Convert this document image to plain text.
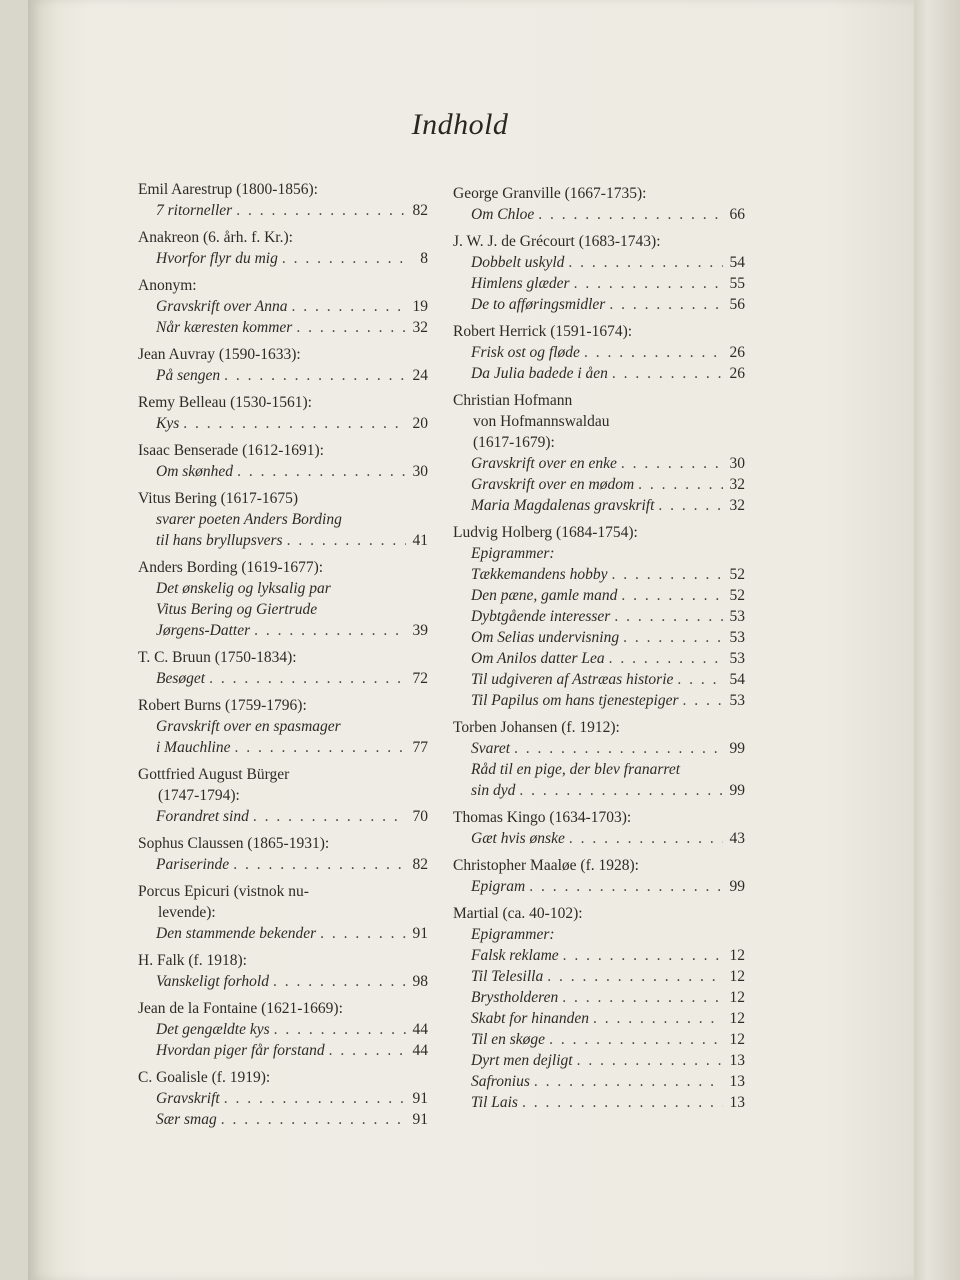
Indhold
Emil Aarestrup (1800-1856):
7 ritorneller . . .	82
Anakreon (6. årh. f. Kr.):
Hvorfor flyr du mig . . .	8
Anonym:
Gravskrift over Anna . . .	19
Når kæresten kommer . . .	32
Jean Auvray (1590-1633):
På sengen . . .	24
Remy Belleau (1530-1561):
Kys . . .	20
Isaac Benserade (1612-1691):
Om skønhed . . .	30
Vitus Bering (1617-1675)
svarer poeten Anders Bording
til hans bryllupsvers . . .	41
Anders Bording (1619-1677):
Det ønskelig og lyksalig par
Vitus Bering og Giertrude
Jørgens-Datter . . .	39
T. C. Bruun (1750-1834):
Besøget . . .	72
Robert Burns (1759-1796):
Gravskrift over en spasmager
i Mauchline . . .	77
Gottfried August Bürger
(1747-1794):
Forandret sind . . .	70
Sophus Claussen (1865-1931):
Pariserinde . . .	82
Porcus Epicuri (vistnok nu-
levende):
Den stammende bekender . . .	91
H. Falk (f. 1918):
Vanskeligt forhold . . .	98
Jean de la Fontaine (1621-1669):
Det gengældte kys . . .	44
Hvordan piger får forstand . . .	44
C. Goalisle (f. 1919):
Gravskrift . . .	91
Sær smag . . .	91
George Granville (1667-1735):
Om Chloe . . .	66
J. W. J. de Grécourt (1683-1743):
Dobbelt uskyld . . .	54
Himlens glæder . . .	55
De to afføringsmidler . . .	56
Robert Herrick (1591-1674):
Frisk ost og fløde . . .	26
Da Julia badede i åen . . .	26
Christian Hofmann
von Hofmannswaldau
(1617-1679):
Gravskrift over en enke . . .	30
Gravskrift over en mødom . . .	32
Maria Magdalenas gravskrift . . .	32
Ludvig Holberg (1684-1754):
Epigrammer:
Tækkemandens hobby . . .	52
Den pæne, gamle mand . . .	52
Dybtgående interesser . . .	53
Om Selias undervisning . . .	53
Om Anilos datter Lea . . .	53
Til udgiveren af Astræas historie . . .	54
Til Papilus om hans tjenestepiger . . .	53
Torben Johansen (f. 1912):
Svaret . . .	99
Råd til en pige, der blev franarret
sin dyd . . .	99
Thomas Kingo (1634-1703):
Gæt hvis ønske . . .	43
Christopher Maaløe (f. 1928):
Epigram . . .	99
Martial (ca. 40-102):
Epigrammer:
Falsk reklame . . .	12
Til Telesilla . . .	12
Brystholderen . . .	12
Skabt for hinanden . . .	12
Til en skøge . . .	12
Dyrt men dejligt . . .	13
Safronius . . .	13
Til Lais . . .	13
